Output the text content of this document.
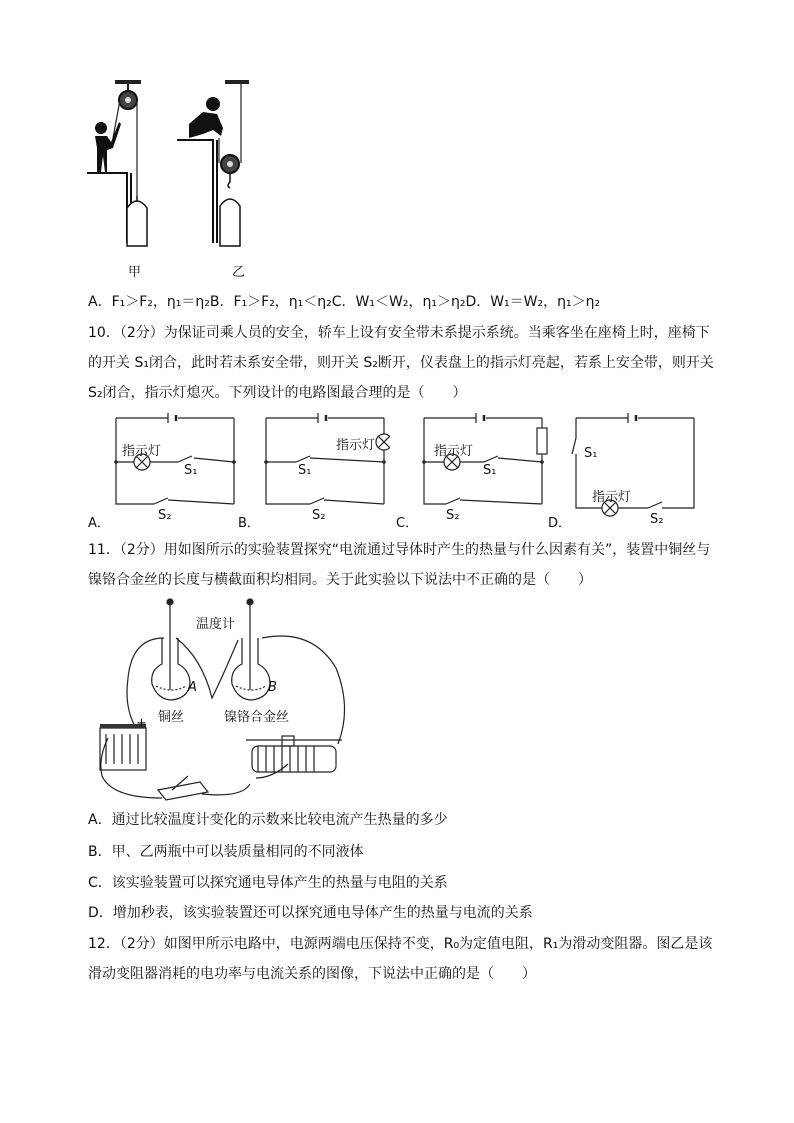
甲	乙
A．F₁＞F₂，η₁＝η₂B．F₁＞F₂，η₁＜η₂C．W₁＜W₂，η₁＞η₂D．W₁＝W₂，η₁＞η₂
10．（2分）为保证司乘人员的安全，轿车上设有安全带未系提示系统。当乘客坐在座椅上时，座椅下
的开关 S₁闭合，此时若未系安全带，则开关 S₂断开，仪表盘上的指示灯亮起，若系上安全带，则开关
S₂闭合，指示灯熄灭。下列设计的电路图最合理的是（　　）
指示灯
S₁
S₂
A．
指示灯
S₁
S₂
B．
指示灯
S₁
S₂
C．
S₁
指示灯
S₂
D．
11．（2分）用如图所示的实验装置探究“电流通过导体时产生的热量与什么因素有关”，装置中铜丝与
镍铬合金丝的长度与横截面积均相同。关于此实验以下说法中不正确的是（　　）
温度计
A	B
铜丝	镍铬合金丝
+
A．通过比较温度计变化的示数来比较电流产生热量的多少
B．甲、乙两瓶中可以装质量相同的不同液体
C．该实验装置可以探究通电导体产生的热量与电阻的关系
D．增加秒表，该实验装置还可以探究通电导体产生的热量与电流的关系
12．（2分）如图甲所示电路中，电源两端电压保持不变，R₀为定值电阻，R₁为滑动变阻器。图乙是该
滑动变阻器消耗的电功率与电流关系的图像，下说法中正确的是（　　）
